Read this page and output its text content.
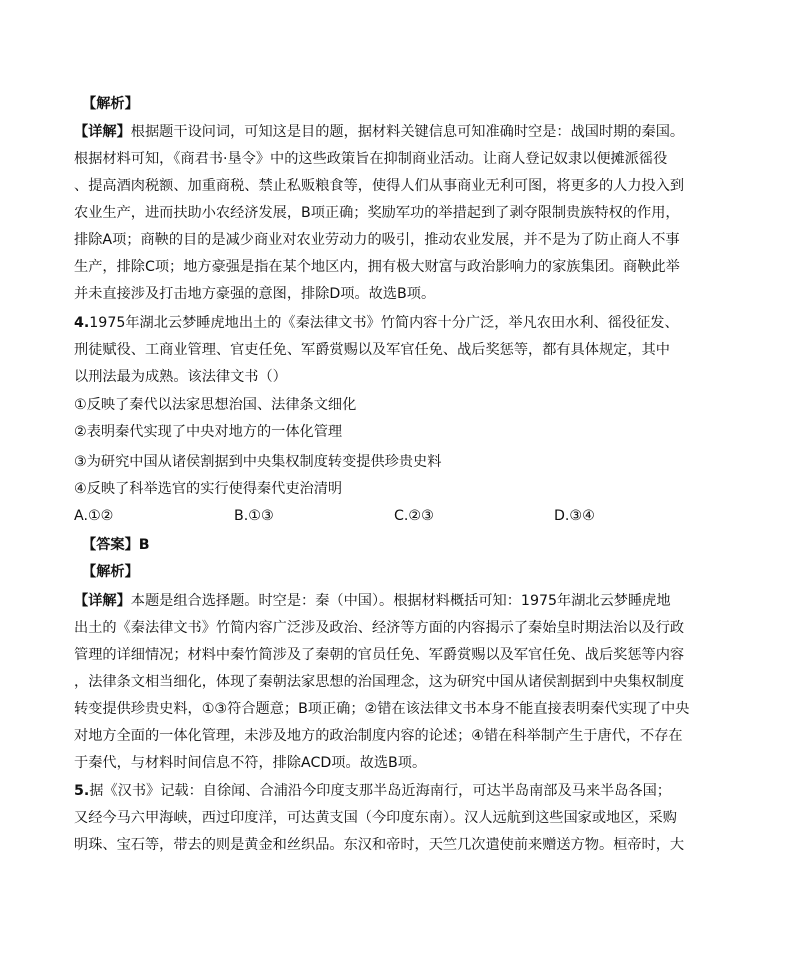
【解析】
【详解】根据题干设问词，可知这是目的题，据材料关键信息可知准确时空是：战国时期的秦国。
根据材料可知，《商君书·垦令》中的这些政策旨在抑制商业活动。让商人登记奴隶以便摊派徭役
、提高酒肉税额、加重商税、禁止私贩粮食等，使得人们从事商业无利可图，将更多的人力投入到
农业生产，进而扶助小农经济发展，B项正确；奖励军功的举措起到了剥夺限制贵族特权的作用，
排除A项；商鞅的目的是减少商业对农业劳动力的吸引，推动农业发展，并不是为了防止商人不事
生产，排除C项；地方豪强是指在某个地区内，拥有极大财富与政治影响力的家族集团。商鞅此举
并未直接涉及打击地方豪强的意图，排除D项。故选B项。
4.1975年湖北云梦睡虎地出土的《秦法律文书》竹简内容十分广泛，举凡农田水利、徭役征发、
刑徒赋役、工商业管理、官吏任免、军爵赏赐以及军官任免、战后奖惩等，都有具体规定，其中
以刑法最为成熟。该法律文书（）
①反映了秦代以法家思想治国、法律条文细化
②表明秦代实现了中央对地方的一体化管理
③为研究中国从诸侯割据到中央集权制度转变提供珍贵史料
④反映了科举选官的实行使得秦代吏治清明
A.①②	B.①③	C.②③	D.③④
【答案】B
【解析】
【详解】本题是组合选择题。时空是：秦（中国）。根据材料概括可知：1975年湖北云梦睡虎地
出土的《秦法律文书》竹简内容广泛涉及政治、经济等方面的内容揭示了秦始皇时期法治以及行政
管理的详细情况；材料中秦竹简涉及了秦朝的官员任免、军爵赏赐以及军官任免、战后奖惩等内容
，法律条文相当细化，体现了秦朝法家思想的治国理念，这为研究中国从诸侯割据到中央集权制度
转变提供珍贵史料，①③符合题意；B项正确；②错在该法律文书本身不能直接表明秦代实现了中央
对地方全面的一体化管理，未涉及地方的政治制度内容的论述；④错在科举制产生于唐代，不存在
于秦代，与材料时间信息不符，排除ACD项。故选B项。
5.据《汉书》记载：自徐闻、合浦沿今印度支那半岛近海南行，可达半岛南部及马来半岛各国；
又经今马六甲海峡，西过印度洋，可达黄支国（今印度东南）。汉人远航到这些国家或地区，采购
明珠、宝石等，带去的则是黄金和丝织品。东汉和帝时，天竺几次遣使前来赠送方物。桓帝时，大
